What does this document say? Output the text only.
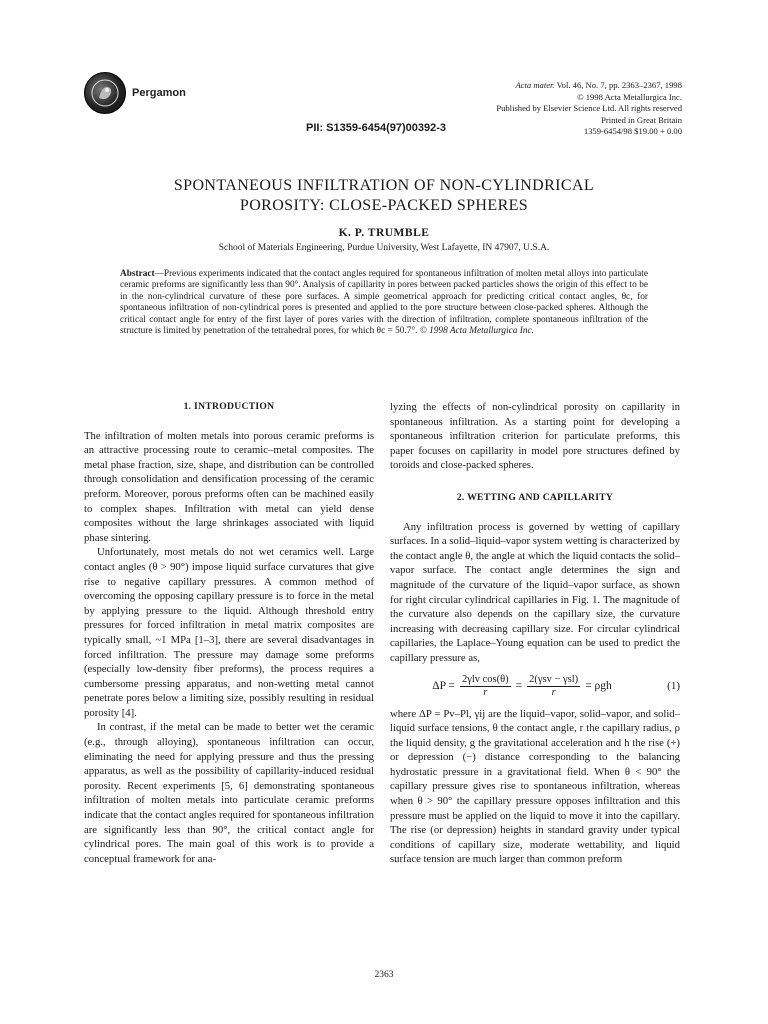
Pergamon
Acta mater. Vol. 46, No. 7, pp. 2363–2367, 1998
© 1998 Acta Metallurgica Inc.
Published by Elsevier Science Ltd. All rights reserved
Printed in Great Britain
1359-6454/98 $19.00 + 0.00
PII: S1359-6454(97)00392-3
SPONTANEOUS INFILTRATION OF NON-CYLINDRICAL
POROSITY: CLOSE-PACKED SPHERES
K. P. TRUMBLE
School of Materials Engineering, Purdue University, West Lafayette, IN 47907, U.S.A.

Abstract—Previous experiments indicated that the contact angles required for spontaneous infiltration of molten metal alloys into particulate ceramic preforms are significantly less than 90°. Analysis of capillarity in pores between packed particles shows the origin of this effect to be in the non-cylindrical curvature of these pore surfaces. A simple geometrical approach for predicting critical contact angles, θc, for spontaneous infiltration of non-cylindrical pores is presented and applied to the pore structure between close-packed spheres. Although the critical contact angle for entry of the first layer of pores varies with the direction of infiltration, complete spontaneous infiltration of the structure is limited by penetration of the tetrahedral pores, for which θc = 50.7°. © 1998 Acta Metallurgica Inc.

1. INTRODUCTION

The infiltration of molten metals into porous ceramic preforms is an attractive processing route to ceramic–metal composites. The metal phase fraction, size, shape, and distribution can be controlled through consolidation and densification processing of the ceramic preform. Moreover, porous preforms often can be machined easily to complex shapes. Infiltration with metal can yield dense composites without the large shrinkages associated with liquid phase sintering.

Unfortunately, most metals do not wet ceramics well. Large contact angles (θ > 90°) impose liquid surface curvatures that give rise to negative capillary pressures. A common method of overcoming the opposing capillary pressure is to force in the metal by applying pressure to the liquid. Although threshold entry pressures for forced infiltration in metal matrix composites are typically small, ~1 MPa [1–3], there are several disadvantages in forced infiltration. The pressure may damage some preforms (especially low-density fiber preforms), the process requires a cumbersome pressing apparatus, and non-wetting metal cannot penetrate pores below a limiting size, possibly resulting in residual porosity [4].

In contrast, if the metal can be made to better wet the ceramic (e.g., through alloying), spontaneous infiltration can occur, eliminating the need for applying pressure and thus the pressing apparatus, as well as the possibility of capillarity-induced residual porosity. Recent experiments [5, 6] demonstrating spontaneous infiltration of molten metals into particulate ceramic preforms indicate that the contact angles required for spontaneous infiltration are significantly less than 90°, the critical contact angle for cylindrical pores. The main goal of this work is to provide a conceptual framework for ana-

lyzing the effects of non-cylindrical porosity on capillarity in spontaneous infiltration. As a starting point for developing a spontaneous infiltration criterion for particulate preforms, this paper focuses on capillarity in model pore structures defined by toroids and close-packed spheres.

2. WETTING AND CAPILLARITY

Any infiltration process is governed by wetting of capillary surfaces. In a solid–liquid–vapor system wetting is characterized by the contact angle θ, the angle at which the liquid contacts the solid–vapor surface. The contact angle determines the sign and magnitude of the curvature of the liquid–vapor surface, as shown for right circular cylindrical capillaries in Fig. 1. The magnitude of the curvature also depends on the capillary size, the curvature increasing with decreasing capillary size. For circular cylindrical capillaries, the Laplace–Young equation can be used to predict the capillary pressure as,

$\Delta P = \frac{\text{2γlv cos(θ)}}{r} = \frac{\text{2(γsv − γsl)}}{r} = \rho gh$	(1)

where ΔP = Pv–Pl, γij are the liquid–vapor, solid–vapor, and solid–liquid surface tensions, θ the contact angle, r the capillary radius, ρ the liquid density, g the gravitational acceleration and h the rise (+) or depression (−) distance corresponding to the balancing hydrostatic pressure in a gravitational field. When θ < 90° the capillary pressure gives rise to spontaneous infiltration, whereas when θ > 90° the capillary pressure opposes infiltration and this pressure must be applied on the liquid to move it into the capillary. The rise (or depression) heights in standard gravity under typical conditions of capillary size, moderate wettability, and liquid surface tension are much larger than common preform

2363
